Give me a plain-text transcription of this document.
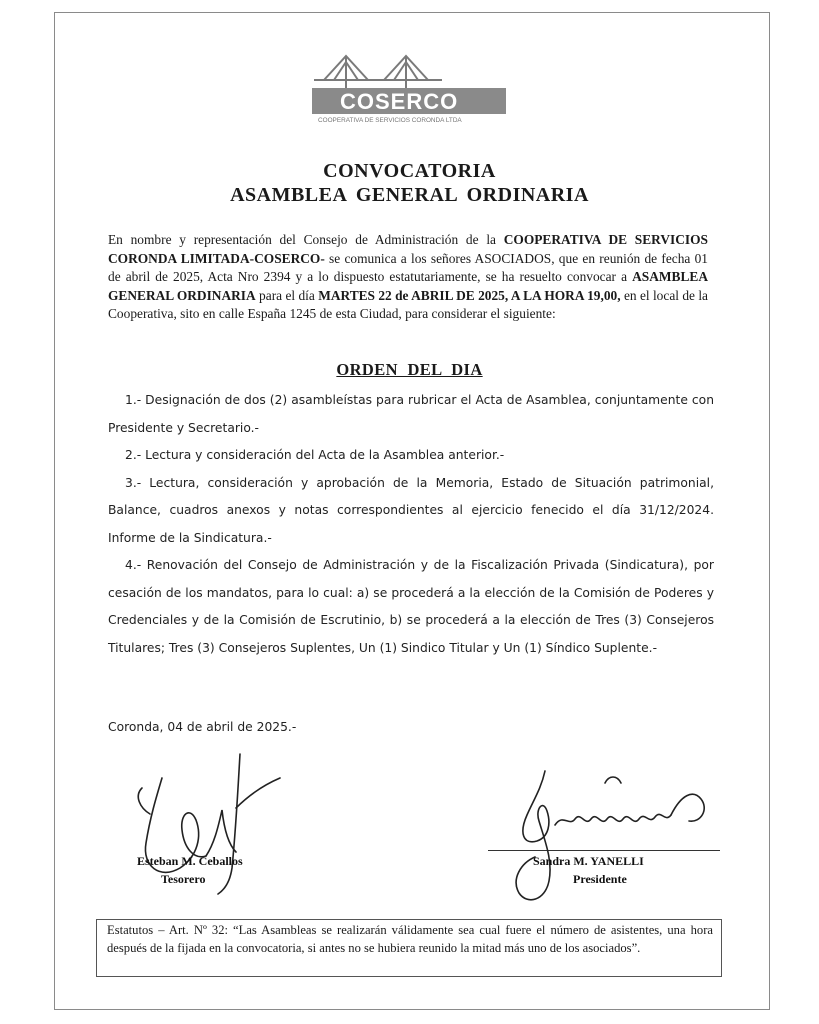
COSERCO
COOPERATIVA DE SERVICIOS CORONDA LTDA
CONVOCATORIA
ASAMBLEA GENERAL ORDINARIA
En nombre y representación del Consejo de Administración de la COOPERATIVA DE SERVICIOS CORONDA LIMITADA-COSERCO- se comunica a los señores ASOCIADOS, que en reunión de fecha 01 de abril de 2025, Acta Nro 2394 y a lo dispuesto estatutariamente, se ha resuelto convocar a ASAMBLEA GENERAL ORDINARIA para el día MARTES 22 de ABRIL DE 2025, A LA HORA 19,00, en el local de la Cooperativa, sito en calle España 1245 de esta Ciudad, para considerar el siguiente:
ORDEN DEL DIA

1.- Designación de dos (2) asambleístas para rubricar el Acta de Asamblea, conjuntamente con Presidente y Secretario.-

2.- Lectura y consideración del Acta de la Asamblea anterior.-

3.- Lectura, consideración y aprobación de la Memoria, Estado de Situación patrimonial, Balance, cuadros anexos y notas correspondientes al ejercicio fenecido el día 31/12/2024. Informe de la Sindicatura.-

4.- Renovación del Consejo de Administración y de la Fiscalización Privada (Sindicatura), por cesación de los mandatos, para lo cual: a) se procederá a la elección de la Comisión de Poderes y Credenciales y de la Comisión de Escrutinio, b) se procederá a la elección de Tres (3) Consejeros Titulares; Tres (3) Consejeros Suplentes, Un (1) Sindico Titular y Un (1) Síndico Suplente.-

Coronda, 04 de abril de 2025.-
Esteban M. Ceballos
Tesorero
Sandra M. YANELLI
Presidente
Estatutos – Art. Nº 32: “Las Asambleas se realizarán válidamente sea cual fuere el número de asistentes, una hora después de la fijada en la convocatoria, si antes no se hubiera reunido la mitad más uno de los asociados”.
